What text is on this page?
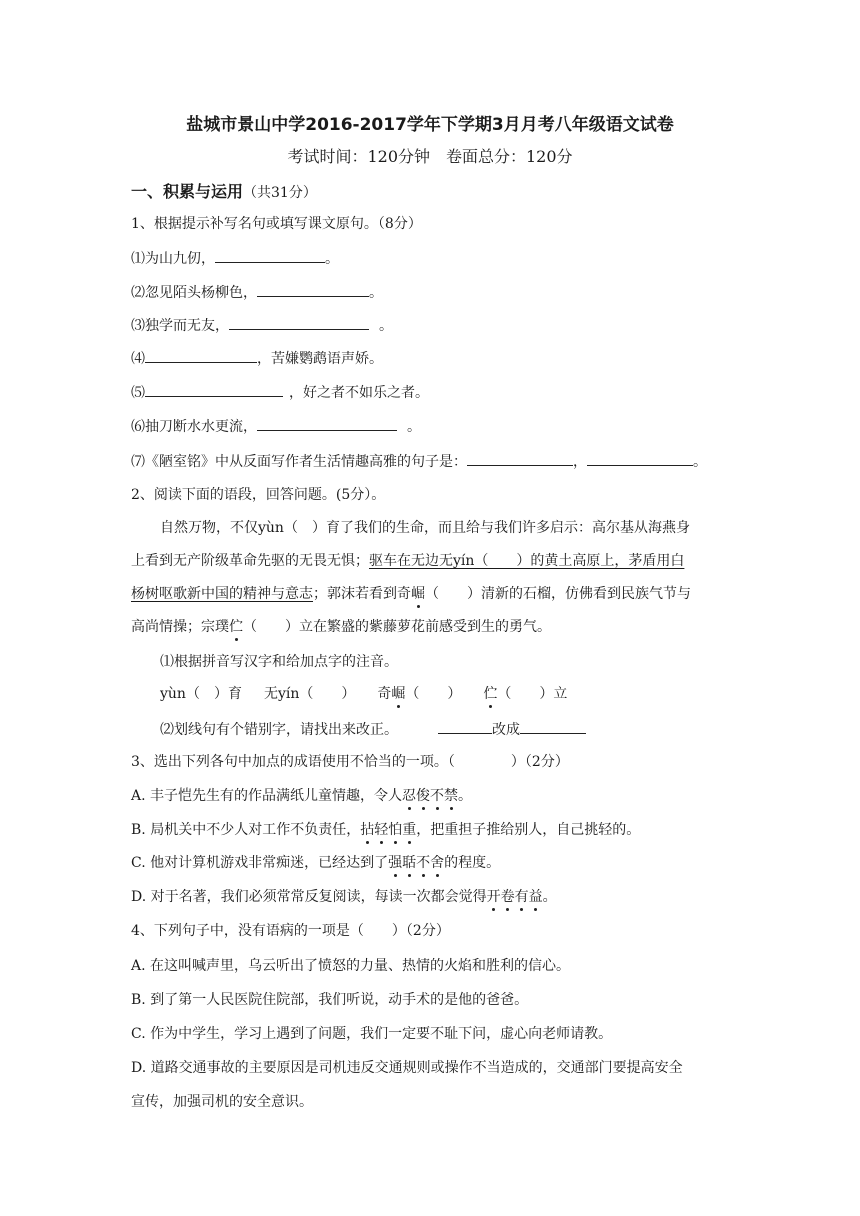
盐城市景山中学2016-2017学年下学期3月月考八年级语文试卷
考试时间：120分钟　卷面总分：120分
一、积累与运用（共31分）
1、根据提示补写名句或填写课文原句。（8分）
⑴为山九仞，	。
⑵忽见陌头杨柳色，	。
⑶独学而无友，	。
⑷	，苦嫌鹦鹉语声娇。
⑸	，好之者不如乐之者。
⑹抽刀断水水更流，	。
⑺《陋室铭》中从反面写作者生活情趣高雅的句子是：	，	。
2、阅读下面的语段，回答问题。(5分）。
自然万物，不仅yùn（　）育了我们的生命，而且给与我们许多启示：高尔基从海燕身
上看到无产阶级革命先驱的无畏无惧；驱车在无边无yín（　　）的黄土高原上，茅盾用白
杨树呕歌新中国的精神与意志；郭沫若看到奇崛（　　）清新的石榴，仿佛看到民族气节与
高尚情操；宗璞伫（　　）立在繁盛的紫藤萝花前感受到生的勇气。
⑴根据拼音写汉字和给加点字的注音。
yùn（　）育 无yín（　　） 奇崛（　　） 伫（　　）立
⑵划线句有个错别字，请找出来改正。	改成
3、选出下列各句中加点的成语使用不恰当的一项。（　　　　）（2分）
A. 丰子恺先生有的作品满纸儿童情趣，令人忍俊不禁。
B. 局机关中不少人对工作不负责任，拈轻怕重，把重担子推给别人，自己挑轻的。
C. 他对计算机游戏非常痴迷，已经达到了强聒不舍的程度。
D. 对于名著，我们必须常常反复阅读，每读一次都会觉得开卷有益。
4、下列句子中，没有语病的一项是（　　）（2分）
A. 在这叫喊声里，乌云听出了愤怒的力量、热情的火焰和胜利的信心。
B. 到了第一人民医院住院部，我们听说，动手术的是他的爸爸。
C. 作为中学生，学习上遇到了问题，我们一定要不耻下问，虚心向老师请教。
D. 道路交通事故的主要原因是司机违反交通规则或操作不当造成的，交通部门要提高安全
宣传，加强司机的安全意识。
